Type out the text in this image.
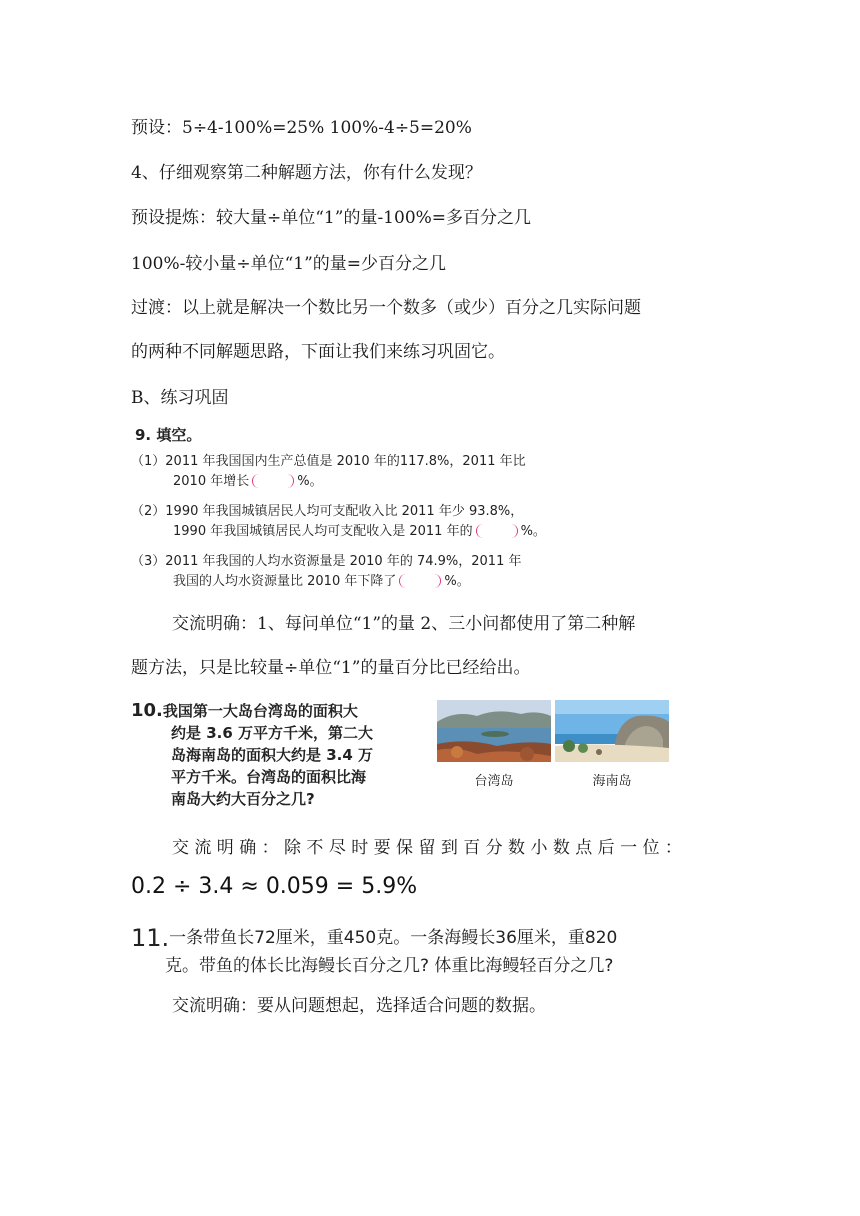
预设：5÷4-100%=25% 100%-4÷5=20%
4、仔细观察第二种解题方法，你有什么发现？
预设提炼：较大量÷单位“1”的量-100%=多百分之几
100%-较小量÷单位“1”的量=少百分之几
过渡：以上就是解决一个数比另一个数多（或少）百分之几实际问题
的两种不同解题思路，下面让我们来练习巩固它。
B、练习巩固
9. 填空。
（1）2011 年我国国内生产总值是 2010 年的117.8%，2011 年比
2010 年增长	%。
（2）1990 年我国城镇居民人均可支配收入比 2011 年少 93.8%，
1990 年我国城镇居民人均可支配收入是 2011 年的	%。
（3）2011 年我国的人均水资源量是 2010 年的 74.9%，2011 年
我国的人均水资源量比 2010 年下降了	%。
交流明确：1、每问单位“1”的量 2、三小问都使用了第二种解
题方法，只是比较量÷单位“1”的量百分比已经给出。
10.我国第一大岛台湾岛的面积大
约是 3.6 万平方千米，第二大
岛海南岛的面积大约是 3.4 万
平方千米。台湾岛的面积比海
南岛大约大百分之几?
台湾岛	海南岛
交 流 明 确 ： 除 不 尽 时 要 保 留 到 百 分 数 小 数 点 后 一 位 ：
0.2 ÷ 3.4 ≈ 0.059 = 5.9%
11.一条带鱼长72厘米，重450克。一条海鳗长36厘米，重820
克。带鱼的体长比海鳗长百分之几? 体重比海鳗轻百分之几?
交流明确：要从问题想起，选择适合问题的数据。
